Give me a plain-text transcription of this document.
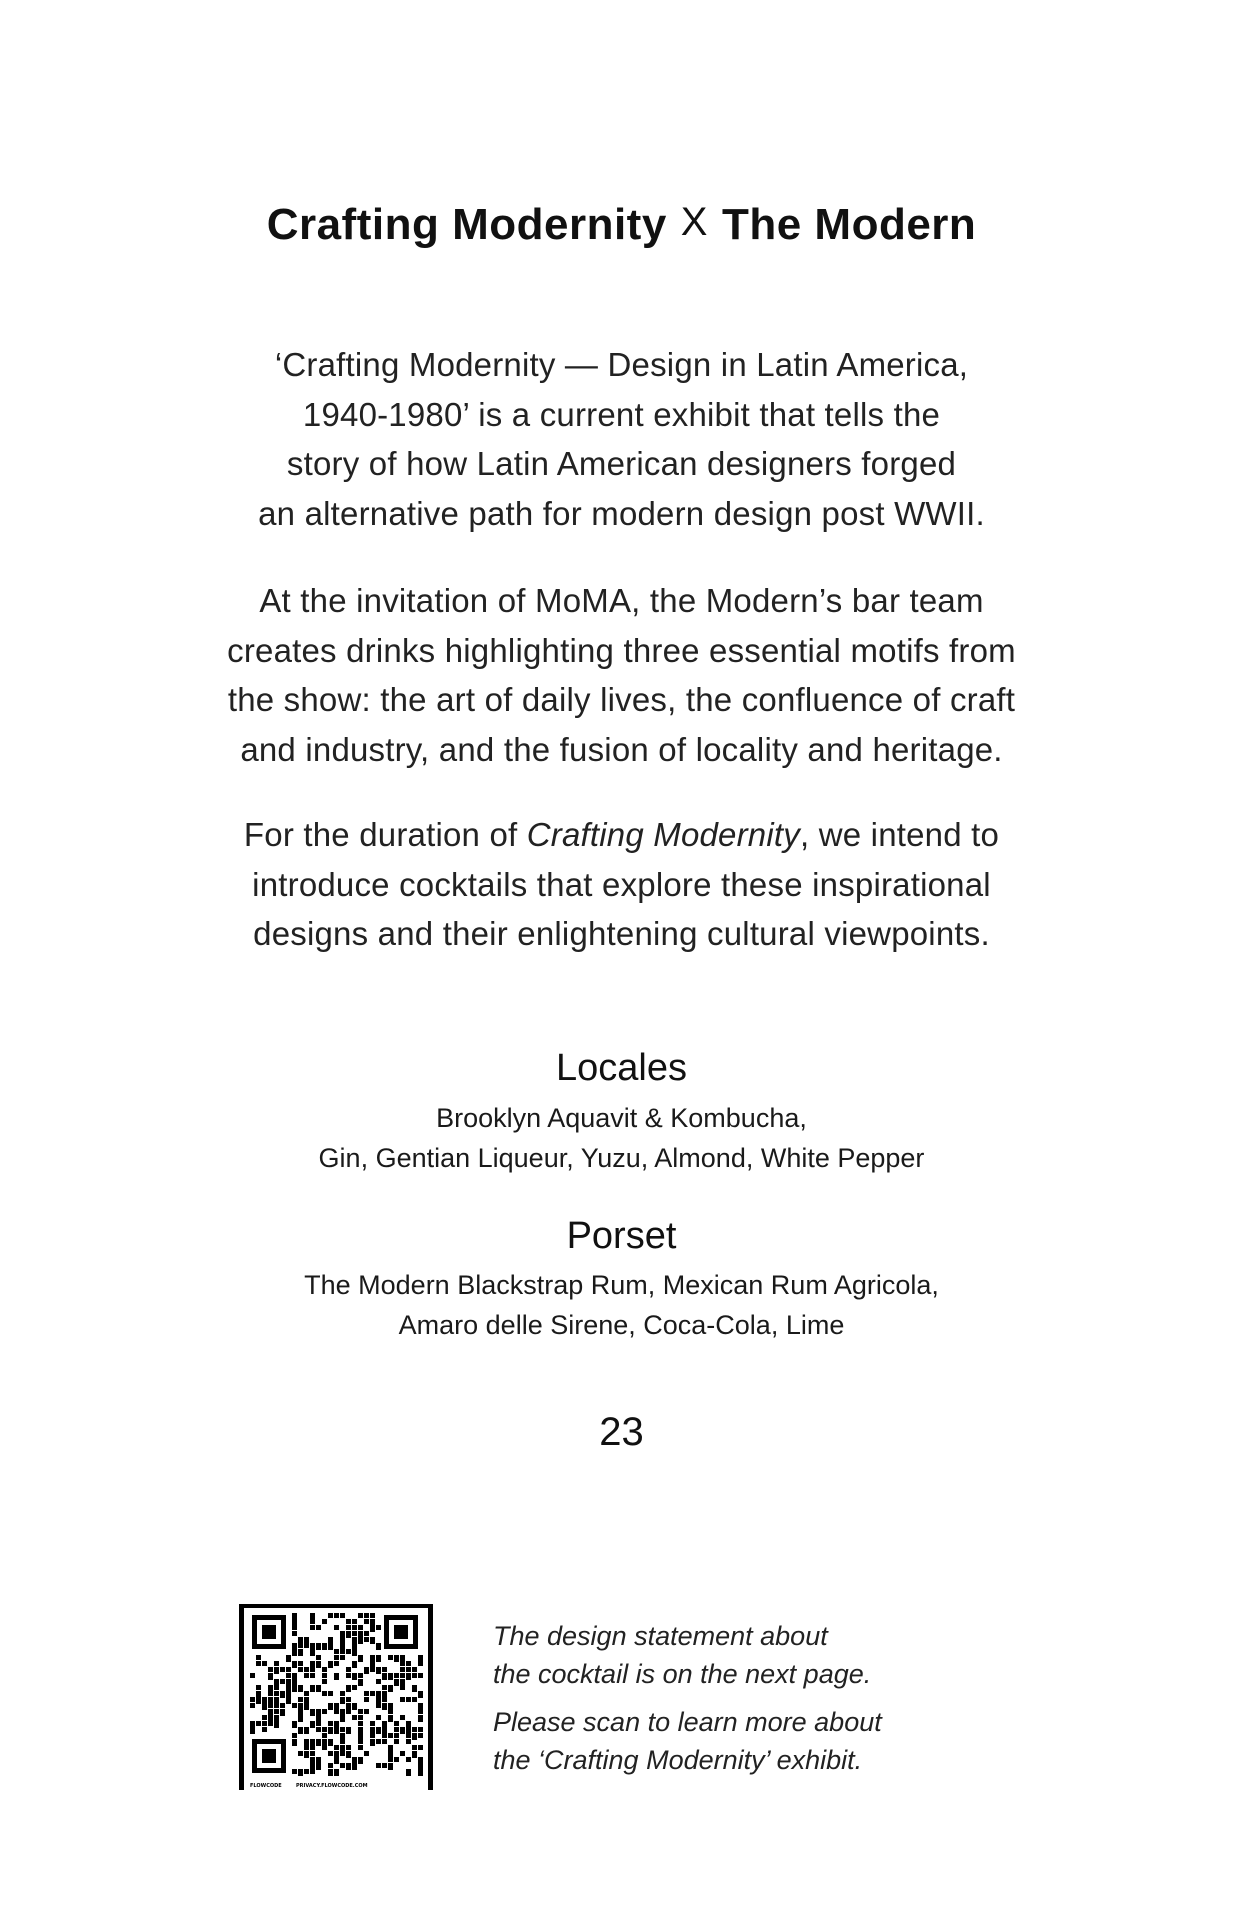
Crafting Modernity X The Modern
‘Crafting Modernity — Design in Latin America,
1940-1980’ is a current exhibit that tells the
story of how Latin American designers forged
an alternative path for modern design post WWII.
At the invitation of MoMA, the Modern’s bar team
creates drinks highlighting three essential motifs from
the show: the art of daily lives, the confluence of craft
and industry, and the fusion of locality and heritage.
For the duration of Crafting Modernity, we intend to
introduce cocktails that explore these inspirational
designs and their enlightening cultural viewpoints.
Locales
Brooklyn Aquavit & Kombucha,
Gin, Gentian Liqueur, Yuzu, Almond, White Pepper
Porset
The Modern Blackstrap Rum, Mexican Rum Agricola,
Amaro delle Sirene, Coca-Cola, Lime
23
FLOWCODE	PRIVACY.FLOWCODE.COM
The design statement about
the cocktail is on the next page.
Please scan to learn more about
the ‘Crafting Modernity’ exhibit.
